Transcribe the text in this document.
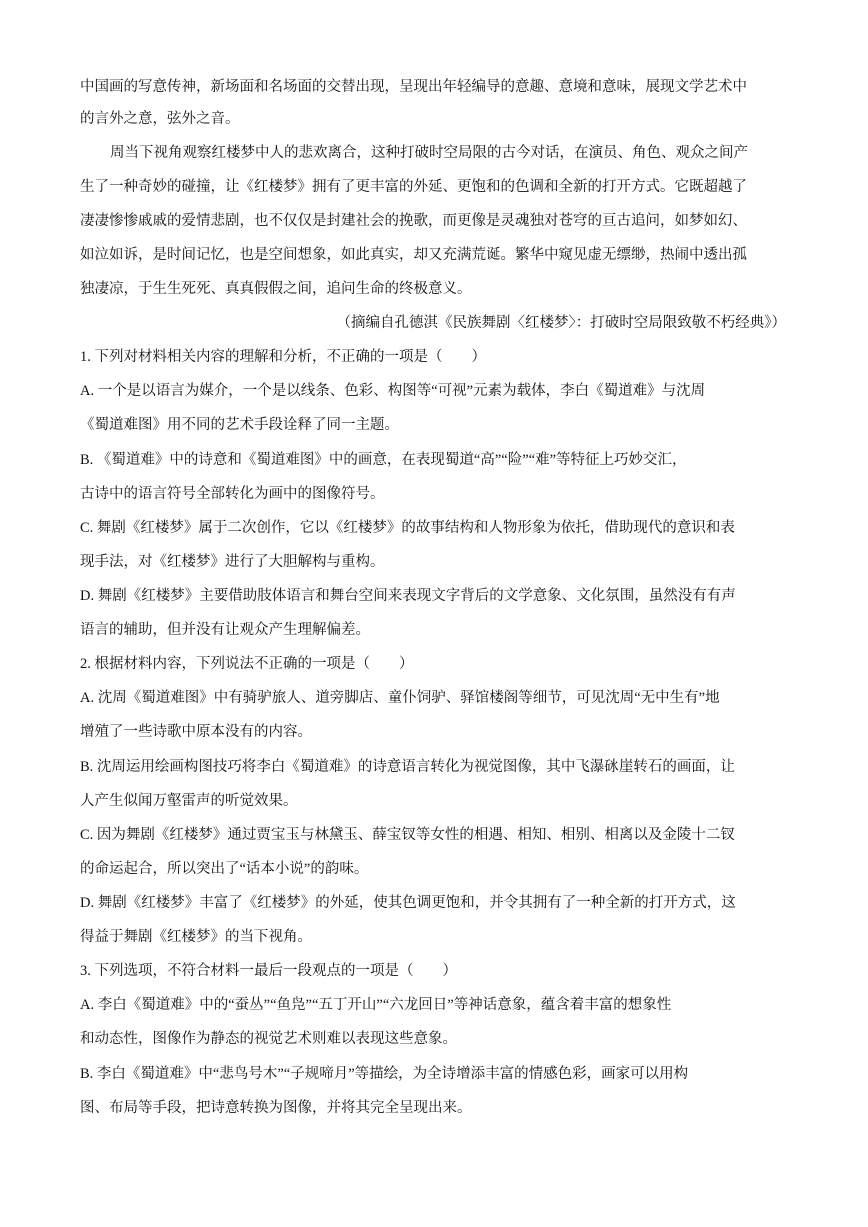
中国画的写意传神，新场面和名场面的交替出现，呈现出年轻编导的意趣、意境和意味，展现文学艺术中
的言外之意，弦外之音。
周当下视角观察红楼梦中人的悲欢离合，这种打破时空局限的古今对话，在演员、角色、观众之间产
生了一种奇妙的碰撞，让《红楼梦》拥有了更丰富的外延、更饱和的色调和全新的打开方式。它既超越了
凄凄惨惨戚戚的爱情悲剧，也不仅仅是封建社会的挽歌，而更像是灵魂独对苍穹的亘古追问，如梦如幻、
如泣如诉，是时间记忆，也是空间想象，如此真实，却又充满荒诞。繁华中窥见虚无缥缈，热闹中透出孤
独凄凉，于生生死死、真真假假之间，追问生命的终极意义。
（摘编自孔德淇《民族舞剧〈红楼梦〉：打破时空局限致敬不朽经典》）
1. 下列对材料相关内容的理解和分析，不正确的一项是（　　）
A. 一个是以语言为媒介，一个是以线条、色彩、构图等“可视”元素为载体，李白《蜀道难》与沈周
《蜀道难图》用不同的艺术手段诠释了同一主题。
B. 《蜀道难》中的诗意和《蜀道难图》中的画意，在表现蜀道“高”“险”“难”等特征上巧妙交汇，
古诗中的语言符号全部转化为画中的图像符号。
C. 舞剧《红楼梦》属于二次创作，它以《红楼梦》的故事结构和人物形象为依托，借助现代的意识和表
现手法，对《红楼梦》进行了大胆解构与重构。
D. 舞剧《红楼梦》主要借助肢体语言和舞台空间来表现文字背后的文学意象、文化氛围，虽然没有有声
语言的辅助，但并没有让观众产生理解偏差。
2. 根据材料内容，下列说法不正确的一项是（　　）
A. 沈周《蜀道难图》中有骑驴旅人、道旁脚店、童仆饲驴、驿馆楼阁等细节，可见沈周“无中生有”地
增殖了一些诗歌中原本没有的内容。
B. 沈周运用绘画构图技巧将李白《蜀道难》的诗意语言转化为视觉图像，其中飞瀑砯崖转石的画面，让
人产生似闻万壑雷声的听觉效果。
C. 因为舞剧《红楼梦》通过贾宝玉与林黛玉、薛宝钗等女性的相遇、相知、相别、相离以及金陵十二钗
的命运起合，所以突出了“话本小说”的韵味。
D. 舞剧《红楼梦》丰富了《红楼梦》的外延，使其色调更饱和，并令其拥有了一种全新的打开方式，这
得益于舞剧《红楼梦》的当下视角。
3. 下列选项，不符合材料一最后一段观点的一项是（　　）
A. 李白《蜀道难》中的“蚕丛”“鱼凫”“五丁开山”“六龙回日”等神话意象，蕴含着丰富的想象性
和动态性，图像作为静态的视觉艺术则难以表现这些意象。
B. 李白《蜀道难》中“悲鸟号木”“子规啼月”等描绘，为全诗增添丰富的情感色彩，画家可以用构
图、布局等手段，把诗意转换为图像，并将其完全呈现出来。
